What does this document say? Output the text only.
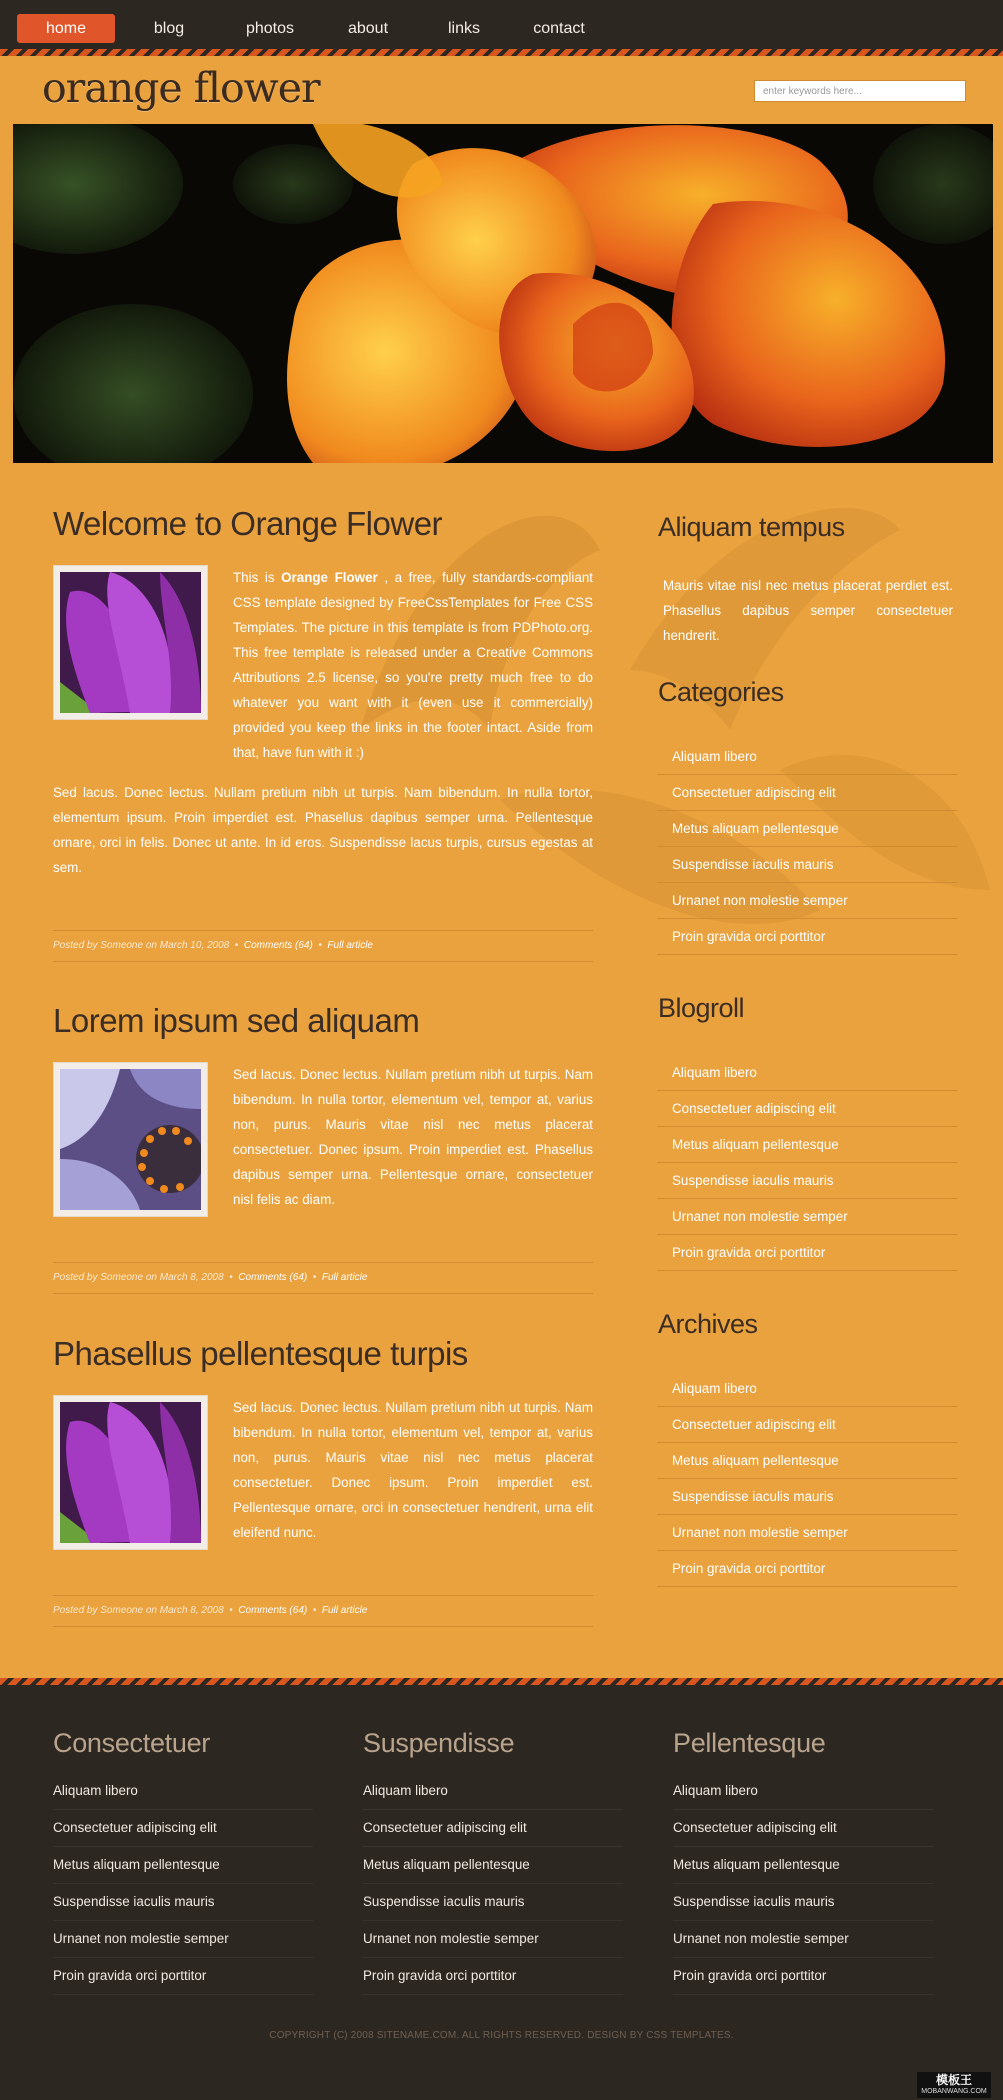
home	blog	photos	about	links	contact
orange flower	enter keywords here...
Welcome to Orange Flower

This is Orange Flower , a free, fully standards-compliant CSS template designed by FreeCssTemplates for Free CSS Templates. The picture in this template is from PDPhoto.org. This free template is released under a Creative Commons Attributions 2.5 license, so you're pretty much free to do whatever you want with it (even use it commercially) provided you keep the links in the footer intact. Aside from that, have fun with it :)

Sed lacus. Donec lectus. Nullam pretium nibh ut turpis. Nam bibendum. In nulla tortor, elementum ipsum. Proin imperdiet est. Phasellus dapibus semper urna. Pellentesque ornare, orci in felis. Donec ut ante. In id eros. Suspendisse lacus turpis, cursus egestas at sem.

Posted by Someone on March 10, 2008 • Comments (64) • Full article
Lorem ipsum sed aliquam

Sed lacus. Donec lectus. Nullam pretium nibh ut turpis. Nam bibendum. In nulla tortor, elementum vel, tempor at, varius non, purus. Mauris vitae nisl nec metus placerat consectetuer. Donec ipsum. Proin imperdiet est. Phasellus dapibus semper urna. Pellentesque ornare, consectetuer nisl felis ac diam.

Posted by Someone on March 8, 2008 • Comments (64) • Full article
Phasellus pellentesque turpis

Sed lacus. Donec lectus. Nullam pretium nibh ut turpis. Nam bibendum. In nulla tortor, elementum vel, tempor at, varius non, purus. Mauris vitae nisl nec metus placerat consectetuer. Donec ipsum. Proin imperdiet est. Pellentesque ornare, orci in consectetuer hendrerit, urna elit eleifend nunc.

Posted by Someone on March 8, 2008 • Comments (64) • Full article
Aliquam tempus

Mauris vitae nisl nec metus placerat perdiet est. Phasellus dapibus semper consectetuer hendrerit.

Categories
Aliquam libero
Consectetuer adipiscing elit
Metus aliquam pellentesque
Suspendisse iaculis mauris
Urnanet non molestie semper
Proin gravida orci porttitor
Blogroll
Aliquam libero
Consectetuer adipiscing elit
Metus aliquam pellentesque
Suspendisse iaculis mauris
Urnanet non molestie semper
Proin gravida orci porttitor
Archives
Aliquam libero
Consectetuer adipiscing elit
Metus aliquam pellentesque
Suspendisse iaculis mauris
Urnanet non molestie semper
Proin gravida orci porttitor
Consectetuer
Aliquam libero
Consectetuer adipiscing elit
Metus aliquam pellentesque
Suspendisse iaculis mauris
Urnanet non molestie semper
Proin gravida orci porttitor
Suspendisse
Aliquam libero
Consectetuer adipiscing elit
Metus aliquam pellentesque
Suspendisse iaculis mauris
Urnanet non molestie semper
Proin gravida orci porttitor
Pellentesque
Aliquam libero
Consectetuer adipiscing elit
Metus aliquam pellentesque
Suspendisse iaculis mauris
Urnanet non molestie semper
Proin gravida orci porttitor
COPYRIGHT (C) 2008 SITENAME.COM. ALL RIGHTS RESERVED. DESIGN BY CSS TEMPLATES.
模板王
MOBANWANG.COM
